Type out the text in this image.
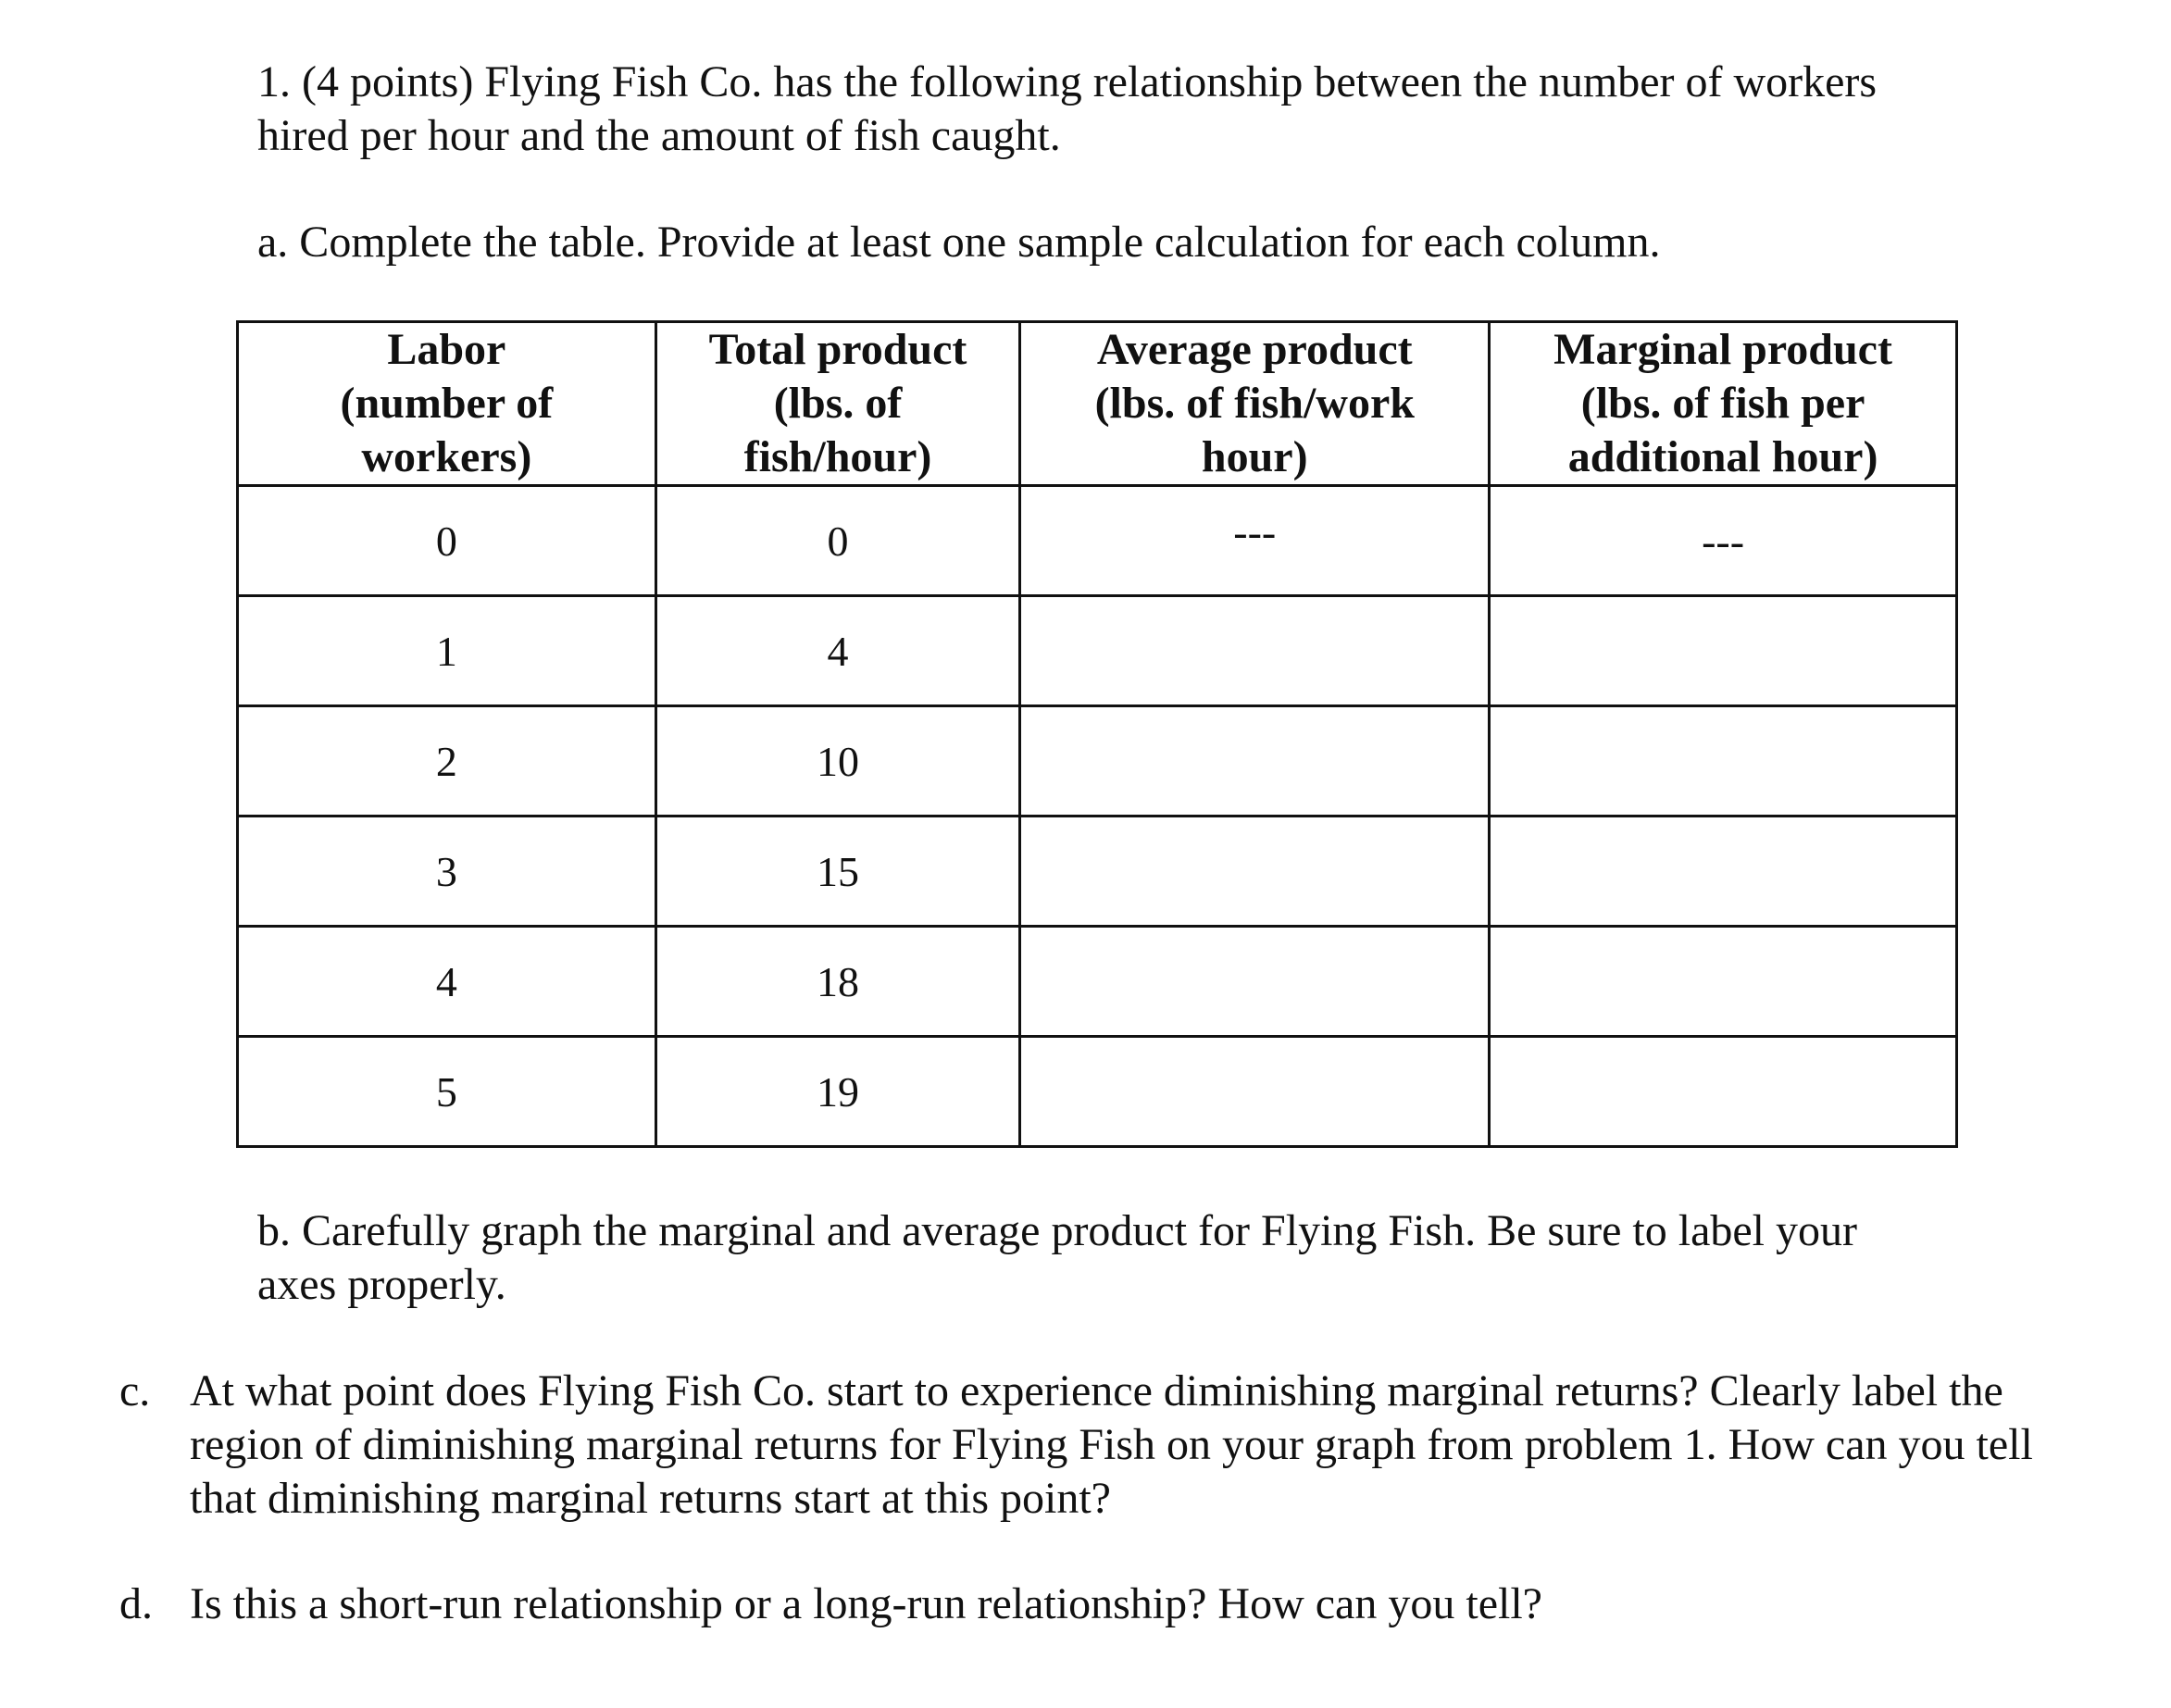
1. (4 points) Flying Fish Co. has the following relationship between the number of workers hired per hour and the amount of fish caught.

a. Complete the table. Provide at least one sample calculation for each column.

Labor
(number of
workers)	Total product
(lbs. of
fish/hour)	Average product
(lbs. of fish/work
hour)	Marginal product
(lbs. of fish per
additional hour)
0	0	---	---
1	4		
2	10		
3	15		
4	18		
5	19		

b. Carefully graph the marginal and average product for Flying Fish. Be sure to label your axes properly.

c. At what point does Flying Fish Co. start to experience diminishing marginal returns? Clearly label the region of diminishing marginal returns for Flying Fish on your graph from problem 1. How can you tell that diminishing marginal returns start at this point?
d. Is this a short-run relationship or a long-run relationship? How can you tell?
